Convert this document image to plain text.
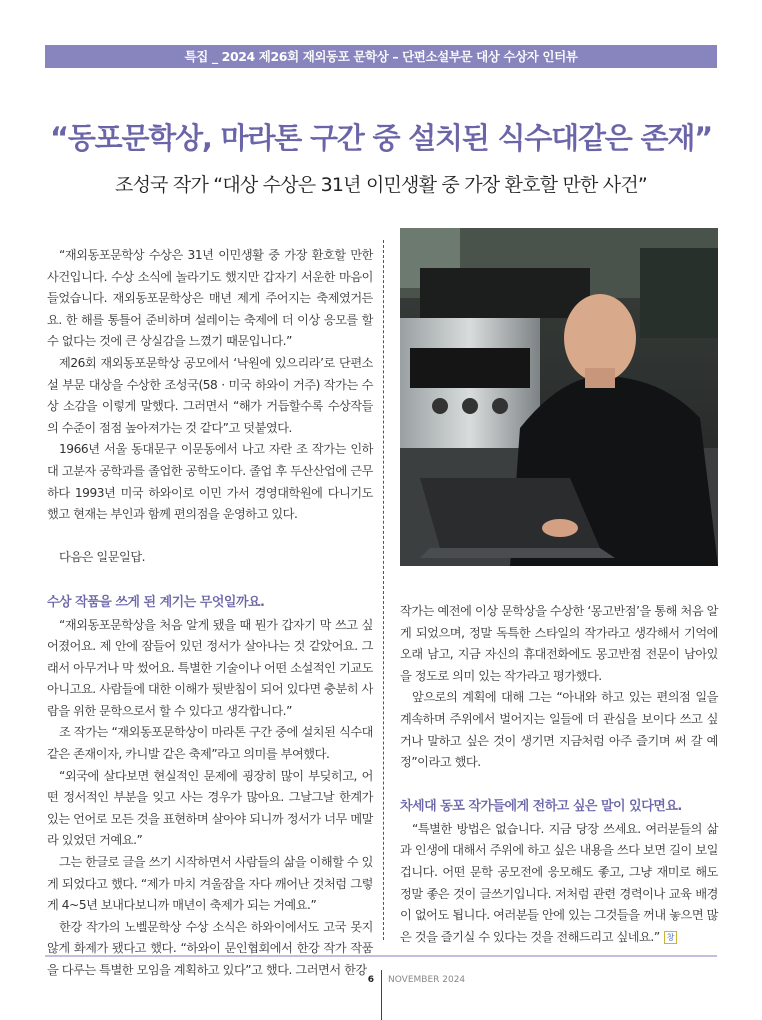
특집 _ 2024 제26회 재외동포 문학상 – 단편소설부문 대상 수상자 인터뷰
“동포문학상, 마라톤 구간 중 설치된 식수대같은 존재”
조성국 작가 “대상 수상은 31년 이민생활 중 가장 환호할 만한 사건”

“재외동포문학상 수상은 31년 이민생활 중 가장 환호할 만한 사건입니다. 수상 소식에 놀라기도 했지만 갑자기 서운한 마음이 들었습니다. 재외동포문학상은 매년 제게 주어지는 축제였거든요. 한 해를 통틀어 준비하며 설레이는 축제에 더 이상 응모를 할 수 없다는 것에 큰 상실감을 느꼈기 때문입니다.”

제26회 재외동포문학상 공모에서 ‘낙원에 있으리라’로 단편소설 부문 대상을 수상한 조성국(58 · 미국 하와이 거주) 작가는 수상 소감을 이렇게 말했다. 그러면서 “해가 거듭할수록 수상작들의 수준이 점점 높아져가는 것 같다”고 덧붙였다.

1966년 서울 동대문구 이문동에서 나고 자란 조 작가는 인하대 고분자 공학과를 졸업한 공학도이다. 졸업 후 두산산업에 근무하다 1993년 미국 하와이로 이민 가서 경영대학원에 다니기도 했고 현재는 부인과 함께 편의점을 운영하고 있다.

다음은 일문일답.

수상 작품을 쓰게 된 계기는 무엇일까요.

“재외동포문학상을 처음 알게 됐을 때 뭔가 갑자기 막 쓰고 싶어졌어요. 제 안에 잠들어 있던 정서가 살아나는 것 같았어요. 그래서 아무거나 막 썼어요. 특별한 기술이나 어떤 소설적인 기교도 아니고요. 사람들에 대한 이해가 뒷받침이 되어 있다면 충분히 사람을 위한 문학으로서 할 수 있다고 생각합니다.”

조 작가는 “재외동포문학상이 마라톤 구간 중에 설치된 식수대 같은 존재이자, 카니발 같은 축제”라고 의미를 부여했다.

“외국에 살다보면 현실적인 문제에 굉장히 많이 부딪히고, 어떤 정서적인 부분을 잊고 사는 경우가 많아요. 그날그날 한계가 있는 언어로 모든 것을 표현하며 살아야 되니까 정서가 너무 메말라 있었던 거예요.”

그는 한글로 글을 쓰기 시작하면서 사람들의 삶을 이해할 수 있게 되었다고 했다. “제가 마치 겨울잠을 자다 깨어난 것처럼 그렇게 4~5년 보내다보니까 매년이 축제가 되는 거예요.”

한강 작가의 노벨문학상 수상 소식은 하와이에서도 고국 못지않게 화제가 됐다고 했다. “하와이 문인협회에서 한강 작가 작품을 다루는 특별한 모임을 계획하고 있다”고 했다. 그러면서 한강

작가는 예전에 이상 문학상을 수상한 ‘몽고반점’을 통해 처음 알게 되었으며, 정말 독특한 스타일의 작가라고 생각해서 기억에 오래 남고, 지금 자신의 휴대전화에도 몽고반점 전문이 남아있을 정도로 의미 있는 작가라고 평가했다.

앞으로의 계획에 대해 그는 “아내와 하고 있는 편의점 일을 계속하며 주위에서 벌어지는 일들에 더 관심을 보이다 쓰고 싶거나 말하고 싶은 것이 생기면 지금처럼 아주 즐기며 써 갈 예정”이라고 했다.

차세대 동포 작가들에게 전하고 싶은 말이 있다면요.

“특별한 방법은 없습니다. 지금 당장 쓰세요. 여러분들의 삶과 인생에 대해서 주위에 하고 싶은 내용을 쓰다 보면 길이 보일 겁니다. 어떤 문학 공모전에 응모해도 좋고, 그냥 재미로 해도 정말 좋은 것이 글쓰기입니다. 저처럼 관련 경력이나 교육 배경이 없어도 됩니다. 여러분들 안에 있는 그것들을 꺼내 놓으면 많은 것을 즐기실 수 있다는 것을 전해드리고 싶네요.” 창

6 NOVEMBER 2024
